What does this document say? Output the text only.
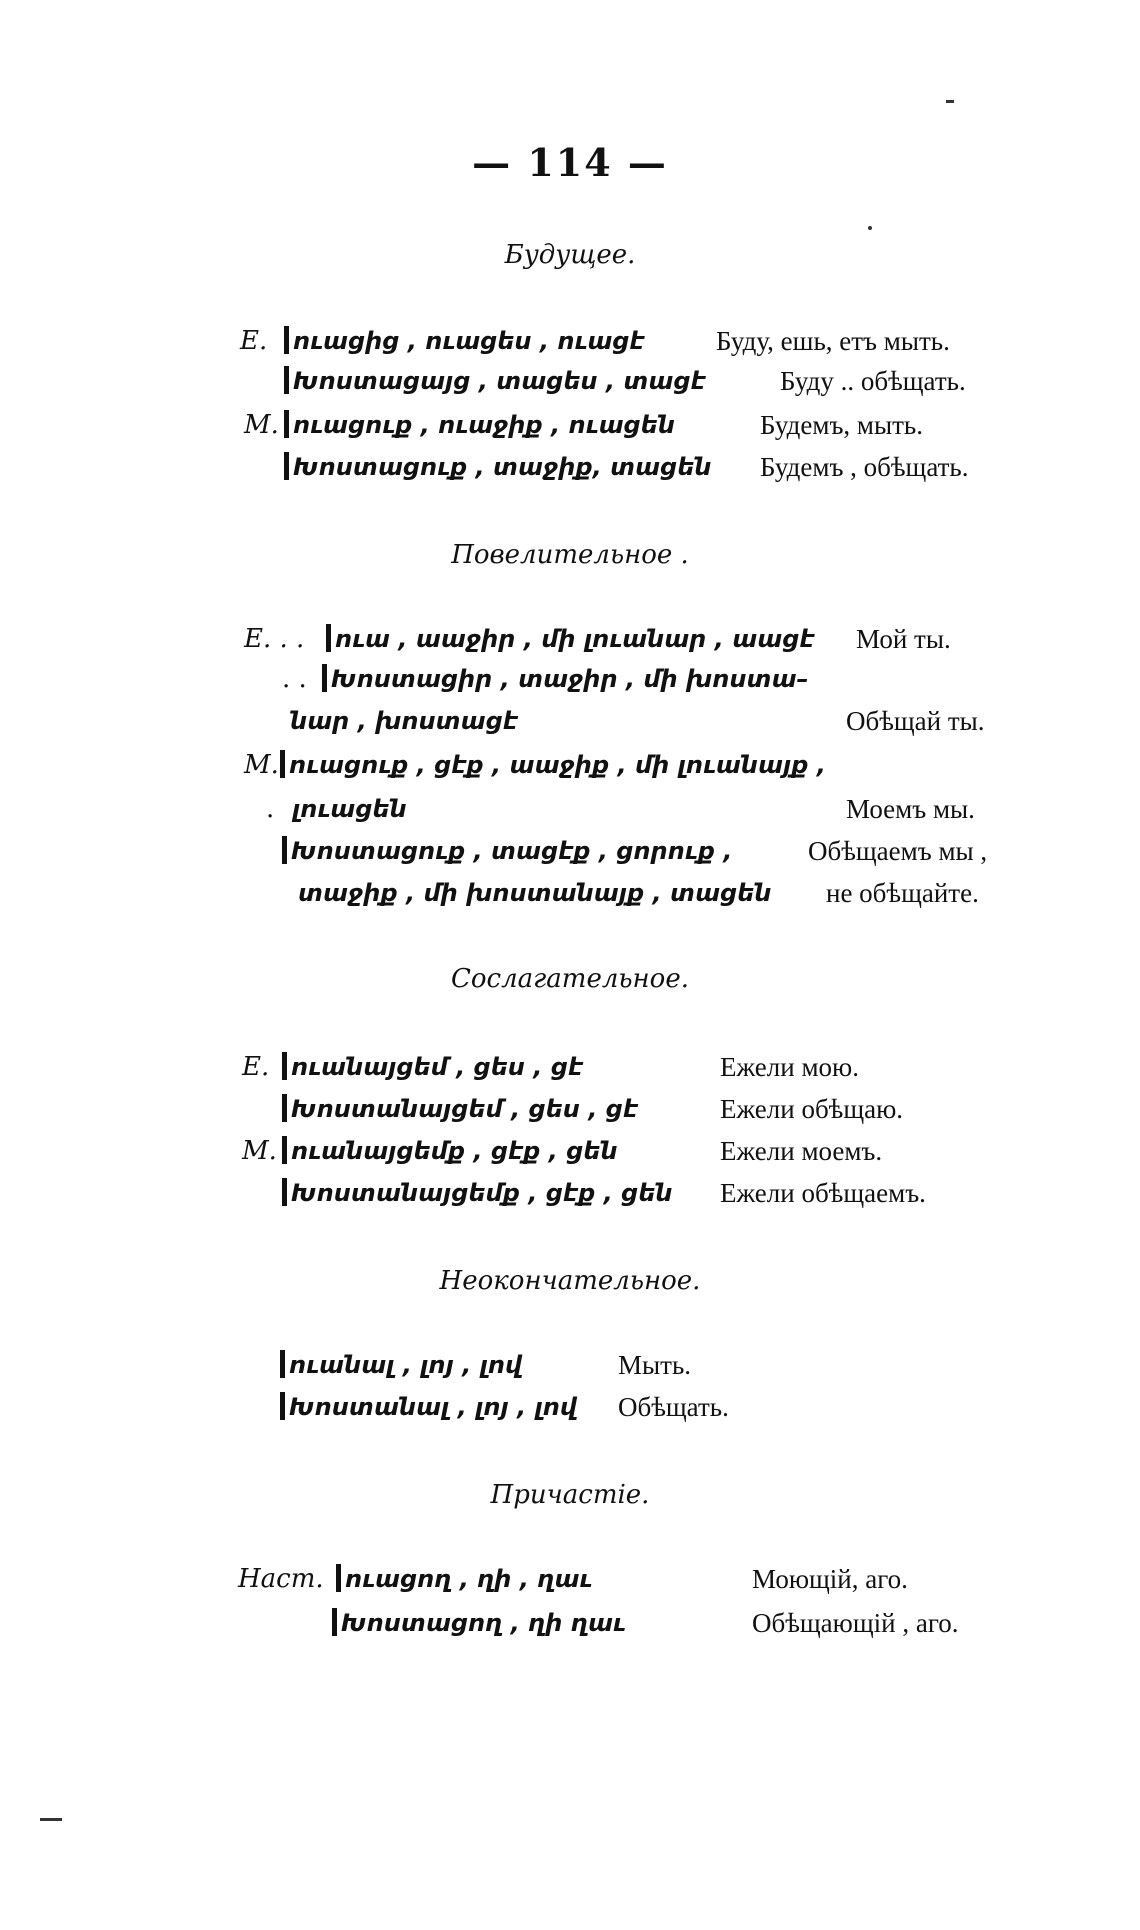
— 114 —
Будущее.
Е.	ուացից , ուացես , ուացէ	Буду, ешь, етъ мыть.
Խոստացայց , տացես , տացէ	Буду .. обѣщать.
М. ուացուք , ուաջիք , ուացեն	Будемъ, мыть.
Խոստացուք , տաջիք, տացեն Будемъ , обѣщать.
Повелительное .
Е. . .	ուա , աաջիր , մի լուանար , աացէ Мой ты.
. .	Խոստացիր , տաջիր , մի խոստա–
նար , խոստացէ	Обѣщай ты.
М. ուացուք , ցէք , աաջիք , մի լուանայք ,
. լուացեն	Моемъ мы.
Խոստացուք , տացէք , ցորուք ,	Обѣщаемъ мы ,
տաջիք , մի խոստանայք , տացեն не обѣщайте.
Сослагательное.
Е. ուանայցեմ , ցես , ցէ	Ежели мою.
Խոստանայցեմ , ցես , ցէ	Ежели обѣщаю.
М. ուանայցեմք , ցէք , ցեն	Ежели моемъ.
Խոստանայցեմք , ցէք , ցեն Ежели обѣщаемъ.
Неокончательное.
ուանալ , լոյ , լով	Мыть.
Խոստանալ , լոյ , լով Обѣщать.
Причастіе.
Наст. ուացող , ղի , ղաւ	Моющій, аго.
Խոստացող , ղի ղաւ	Обѣщающій , аго.
